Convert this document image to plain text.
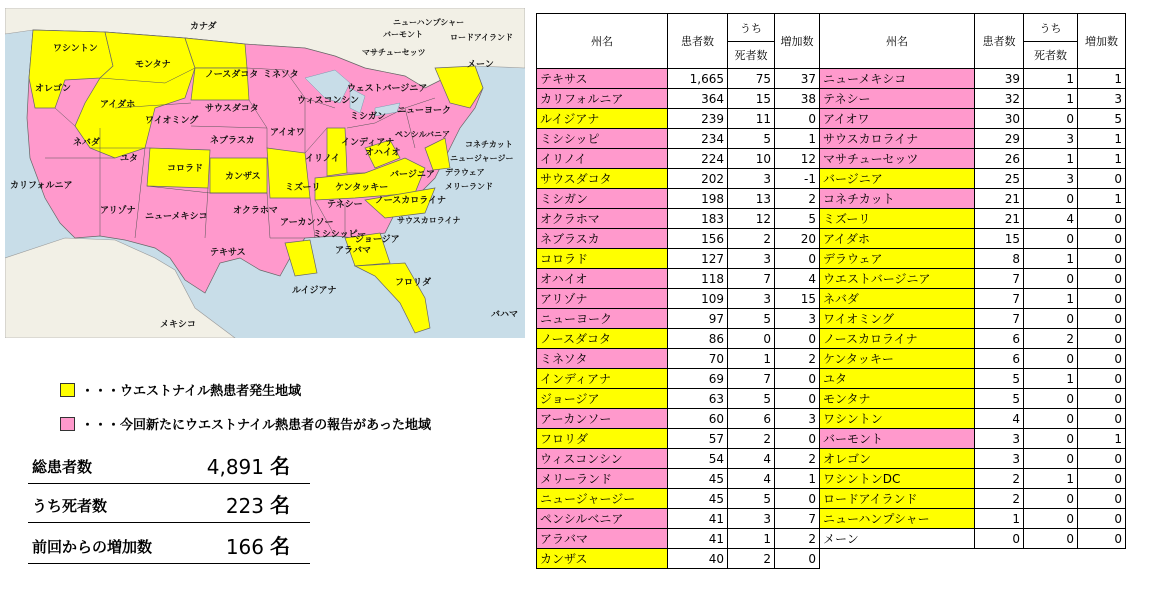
カナダ	ニューハンプシャー
バーモント	ロードアイランド
マサチューセッツ
メーン
ワシントン
モンタナ
ノースダコタ ミネソタ
ウェストバージニア
オレゴン
アイダホ
ワイオミング
サウスダコタ
ウィスコンシン
ミシガン
ニューヨーク
ペンシルバニア
コネチカット
ニュージャージー
ネバダ
ユタ
ネブラスカ
アイオワ
イリノイ
インディアナ
オハイオ
コロラド
カンザス
ミズーリ ケンタッキー
バージニア デラウェア
メリーランド
カリフォルニア
アリゾナ
ニューメキシコ
オクラホマ
テネシー ノースカロライナ
アーカンソー
ミシシッピー
ジョージア
サウスカロライナ
アラバマ
テキサス
ルイジアナ
フロリダ
メキシコ
バハマ
・・・ウエストナイル熱患者発生地域
・・・今回新たにウエストナイル熱患者の報告があった地域
総患者数	4,891 名
うち死者数	223 名
前回からの増加数	166 名
州名	患者数	うち	増加数	州名	患者数	うち	増加数
		死者数				死者数	
テキサス	1,665	75	37	ニューメキシコ	39	1	1
カリフォルニア	364	15	38	テネシー	32	1	3
ルイジアナ	239	11	0	アイオワ	30	0	5
ミシシッピ	234	5	1	サウスカロライナ	29	3	1
イリノイ	224	10	12	マサチューセッツ	26	1	1
サウスダコタ	202	3	-1	バージニア	25	3	0
ミシガン	198	13	2	コネチカット	21	0	1
オクラホマ	183	12	5	ミズーリ	21	4	0
ネブラスカ	156	2	20	アイダホ	15	0	0
コロラド	127	3	0	デラウェア	8	1	0
オハイオ	118	7	4	ウエストバージニア	7	0	0
アリゾナ	109	3	15	ネバダ	7	1	0
ニューヨーク	97	5	3	ワイオミング	7	0	0
ノースダコタ	86	0	0	ノースカロライナ	6	2	0
ミネソタ	70	1	2	ケンタッキー	6	0	0
インディアナ	69	7	0	ユタ	5	1	0
ジョージア	63	5	0	モンタナ	5	0	0
アーカンソー	60	6	3	ワシントン	4	0	0
フロリダ	57	2	0	バーモント	3	0	1
ウィスコンシン	54	4	2	オレゴン	3	0	0
メリーランド	45	4	1	ワシントンDC	2	1	0
ニュージャージー	45	5	0	ロードアイランド	2	0	0
ペンシルベニア	41	3	7	ニューハンプシャー	1	0	0
アラバマ	41	1	2	メーン	0	0	0
カンザス	40	2	0				
